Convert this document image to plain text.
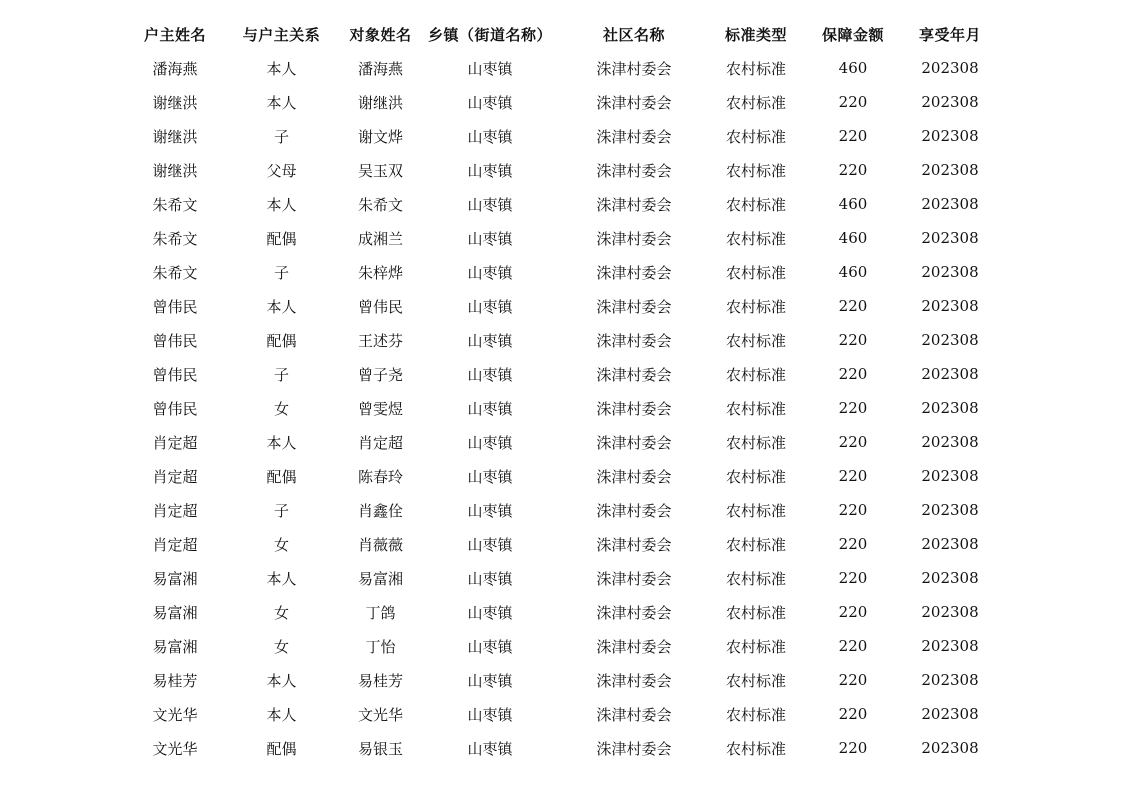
户主姓名	与户主关系	对象姓名	乡镇（街道名称）	社区名称	标准类型	保障金额	享受年月
潘海燕	本人	潘海燕	山枣镇	洙津村委会	农村标准	460	202308
谢继洪	本人	谢继洪	山枣镇	洙津村委会	农村标准	220	202308
谢继洪	子	谢文烨	山枣镇	洙津村委会	农村标准	220	202308
谢继洪	父母	吴玉双	山枣镇	洙津村委会	农村标准	220	202308
朱希文	本人	朱希文	山枣镇	洙津村委会	农村标准	460	202308
朱希文	配偶	成湘兰	山枣镇	洙津村委会	农村标准	460	202308
朱希文	子	朱梓烨	山枣镇	洙津村委会	农村标准	460	202308
曾伟民	本人	曾伟民	山枣镇	洙津村委会	农村标准	220	202308
曾伟民	配偶	王述芬	山枣镇	洙津村委会	农村标准	220	202308
曾伟民	子	曾子尧	山枣镇	洙津村委会	农村标准	220	202308
曾伟民	女	曾雯煜	山枣镇	洙津村委会	农村标准	220	202308
肖定超	本人	肖定超	山枣镇	洙津村委会	农村标准	220	202308
肖定超	配偶	陈春玲	山枣镇	洙津村委会	农村标准	220	202308
肖定超	子	肖鑫佺	山枣镇	洙津村委会	农村标准	220	202308
肖定超	女	肖薇薇	山枣镇	洙津村委会	农村标准	220	202308
易富湘	本人	易富湘	山枣镇	洙津村委会	农村标准	220	202308
易富湘	女	丁鸽	山枣镇	洙津村委会	农村标准	220	202308
易富湘	女	丁怡	山枣镇	洙津村委会	农村标准	220	202308
易桂芳	本人	易桂芳	山枣镇	洙津村委会	农村标准	220	202308
文光华	本人	文光华	山枣镇	洙津村委会	农村标准	220	202308
文光华	配偶	易银玉	山枣镇	洙津村委会	农村标准	220	202308
